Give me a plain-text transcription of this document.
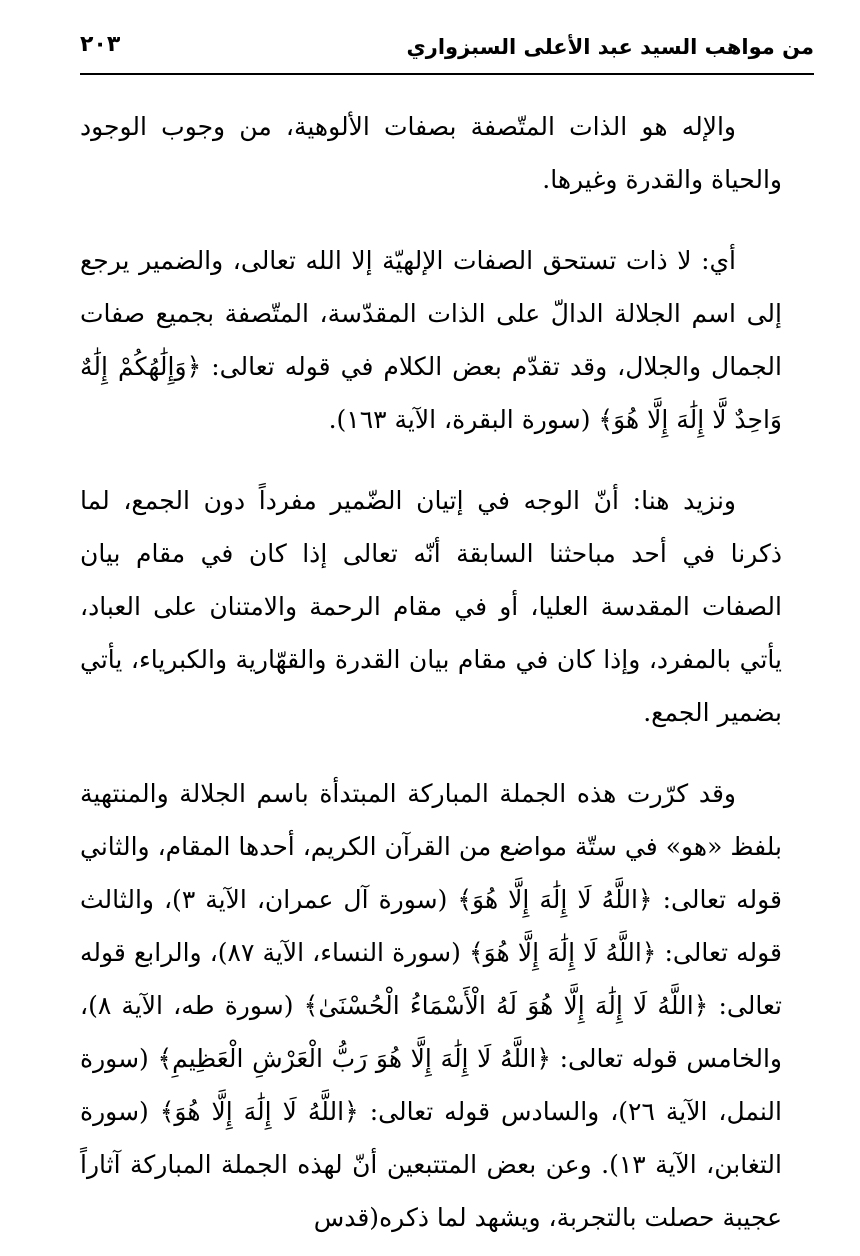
من مواهب السيد عبد الأعلى السبزواري
٢٠٣

والإله هو الذات المتّصفة بصفات الألوهية، من وجوب الوجود والحياة والقدرة وغيرها.

أي: لا ذات تستحق الصفات الإلهيّة إلا الله تعالى، والضمير يرجع إلى اسم الجلالة الدالّ على الذات المقدّسة، المتّصفة بجميع صفات الجمال والجلال، وقد تقدّم بعض الكلام في قوله تعالى: ﴿وَإِلَٰهُكُمْ إِلَٰهٌ وَاحِدٌ لَّا إِلَٰهَ إِلَّا هُوَ﴾ (سورة البقرة، الآية ١٦٣).

ونزيد هنا: أنّ الوجه في إتيان الضّمير مفرداً دون الجمع، لما ذكرنا في أحد مباحثنا السابقة أنّه تعالى إذا كان في مقام بيان الصفات المقدسة العليا، أو في مقام الرحمة والامتنان على العباد، يأتي بالمفرد، وإذا كان في مقام بيان القدرة والقهّارية والكبرياء، يأتي بضمير الجمع.

وقد كرّرت هذه الجملة المباركة المبتدأة باسم الجلالة والمنتهية بلفظ «هو» في ستّة مواضع من القرآن الكريم، أحدها المقام، والثاني قوله تعالى: ﴿اللَّهُ لَا إِلَٰهَ إِلَّا هُوَ﴾ (سورة آل عمران، الآية ٣)، والثالث قوله تعالى: ﴿اللَّهُ لَا إِلَٰهَ إِلَّا هُوَ﴾ (سورة النساء، الآية ٨٧)، والرابع قوله تعالى: ﴿اللَّهُ لَا إِلَٰهَ إِلَّا هُوَ لَهُ الْأَسْمَاءُ الْحُسْنَىٰ﴾ (سورة طه، الآية ٨)، والخامس قوله تعالى: ﴿اللَّهُ لَا إِلَٰهَ إِلَّا هُوَ رَبُّ الْعَرْشِ الْعَظِيمِ﴾ (سورة النمل، الآية ٢٦)، والسادس قوله تعالى: ﴿اللَّهُ لَا إِلَٰهَ إِلَّا هُوَ﴾ (سورة التغابن، الآية ١٣). وعن بعض المتتبعين أنّ لهذه الجملة المباركة آثاراً عجيبة حصلت بالتجربة، ويشهد لما ذكره(قدس
